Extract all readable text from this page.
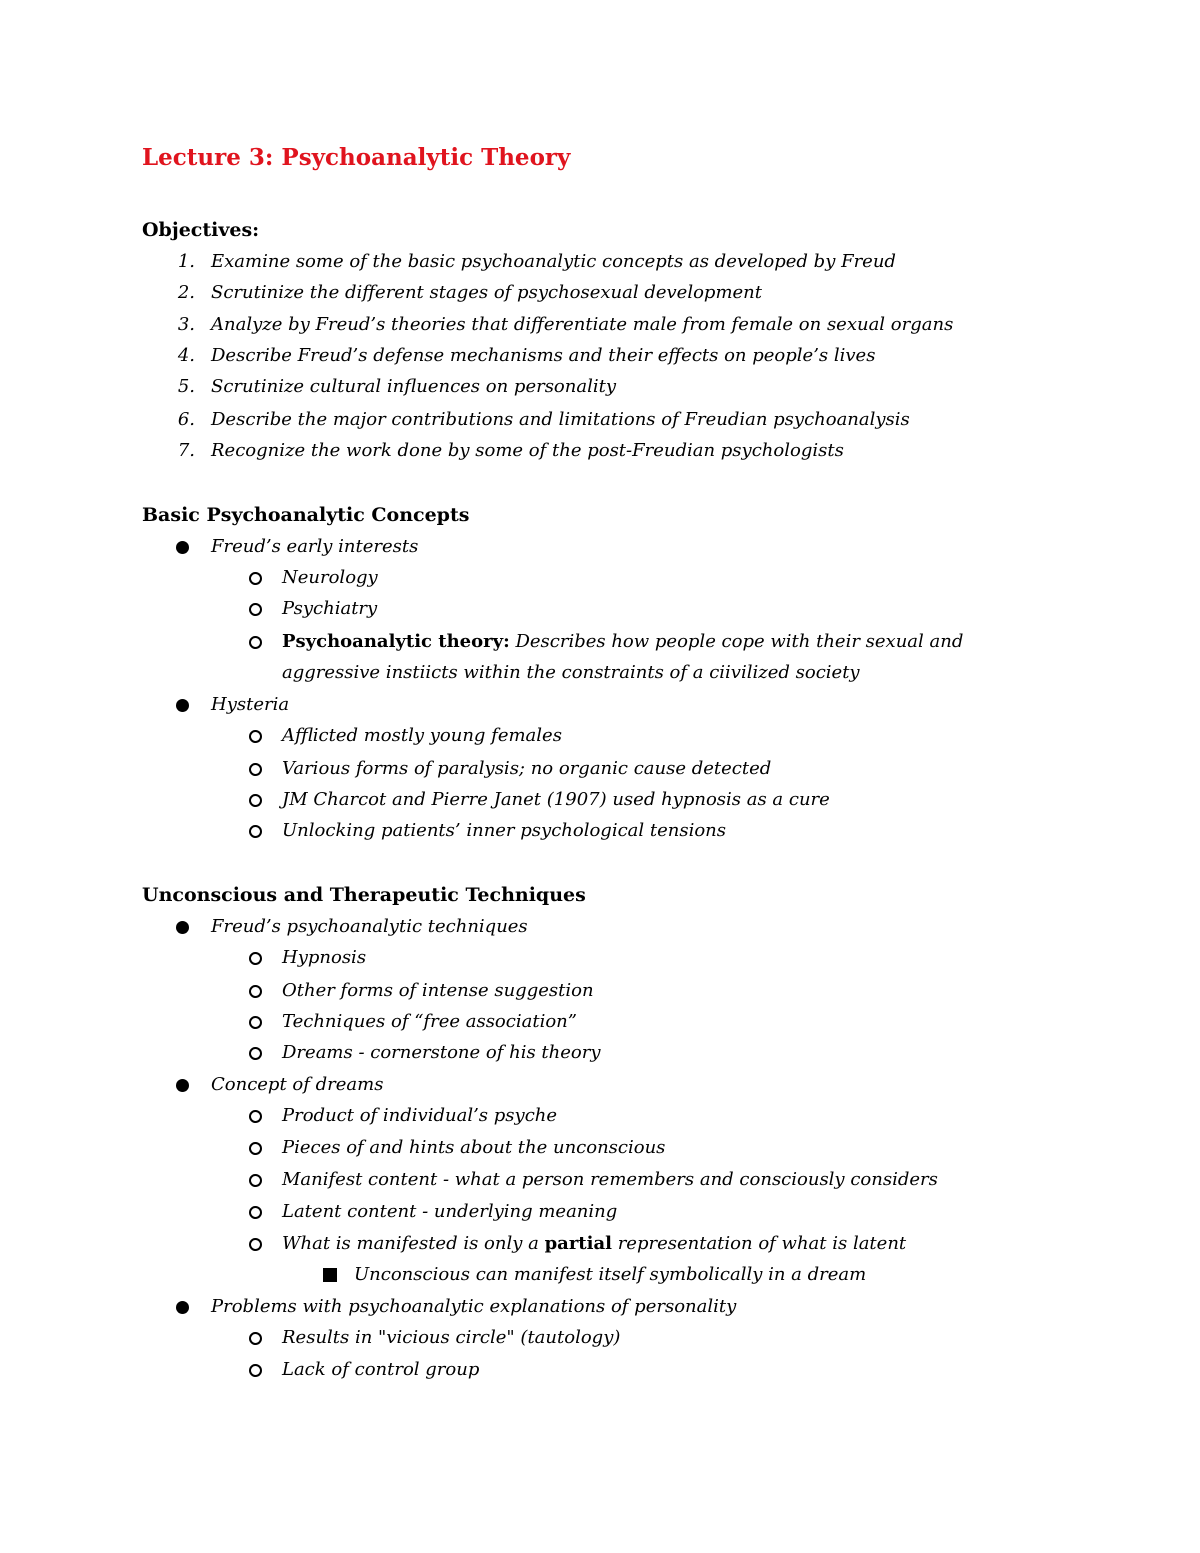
Lecture 3: Psychoanalytic Theory
Objectives:
1. Examine some of the basic psychoanalytic concepts as developed by Freud
2. Scrutinize the different stages of psychosexual development
3. Analyze by Freud’s theories that differentiate male from female on sexual organs
4. Describe Freud’s defense mechanisms and their effects on people’s lives
5. Scrutinize cultural influences on personality
6. Describe the major contributions and limitations of Freudian psychoanalysis
7. Recognize the work done by some of the post-Freudian psychologists
Basic Psychoanalytic Concepts
Freud’s early interests
Neurology
Psychiatry
Psychoanalytic theory: Describes how people cope with their sexual and
aggressive instiicts within the constraints of a ciivilized society
Hysteria
Afflicted mostly young females
Various forms of paralysis; no organic cause detected
JM Charcot and Pierre Janet (1907) used hypnosis as a cure
Unlocking patients’ inner psychological tensions
Unconscious and Therapeutic Techniques
Freud’s psychoanalytic techniques
Hypnosis
Other forms of intense suggestion
Techniques of “free association”
Dreams - cornerstone of his theory
Concept of dreams
Product of individual’s psyche
Pieces of and hints about the unconscious
Manifest content - what a person remembers and consciously considers
Latent content - underlying meaning
What is manifested is only a partial representation of what is latent
Unconscious can manifest itself symbolically in a dream
Problems with psychoanalytic explanations of personality
Results in "vicious circle" (tautology)
Lack of control group
